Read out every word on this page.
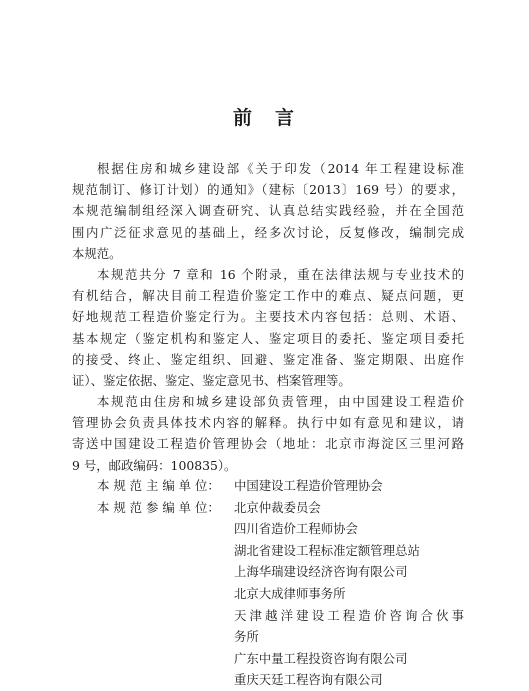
前　言
根据住房和城乡建设部《关于印发（2014 年工程建设标准
规范制订、修订计划）的通知》（建标〔2013〕169 号）的要求，
本规范编制组经深入调查研究、认真总结实践经验，并在全国范
围内广泛征求意见的基础上，经多次讨论，反复修改，编制完成
本规范。
本规范共分 7 章和 16 个附录，重在法律法规与专业技术的
有机结合，解决目前工程造价鉴定工作中的难点、疑点问题，更
好地规范工程造价鉴定行为。主要技术内容包括：总则、术语、
基本规定（鉴定机构和鉴定人、鉴定项目的委托、鉴定项目委托
的接受、终止、鉴定组织、回避、鉴定准备、鉴定期限、出庭作
证）、鉴定依据、鉴定、鉴定意见书、档案管理等。
本规范由住房和城乡建设部负责管理，由中国建设工程造价
管理协会负责具体技术内容的解释。执行中如有意见和建议，请
寄送中国建设工程造价管理协会（地址：北京市海淀区三里河路
9 号，邮政编码：100835）。
本 规 范 主 编 单 位：	中国建设工程造价管理协会
本 规 范 参 编 单 位：	北京仲裁委员会
四川省造价工程师协会
湖北省建设工程标准定额管理总站
上海华瑞建设经济咨询有限公司
北京大成律师事务所
天津越洋建设工程造价咨询合伙事
务所
广东中量工程投资咨询有限公司
重庆天廷工程咨询有限公司
